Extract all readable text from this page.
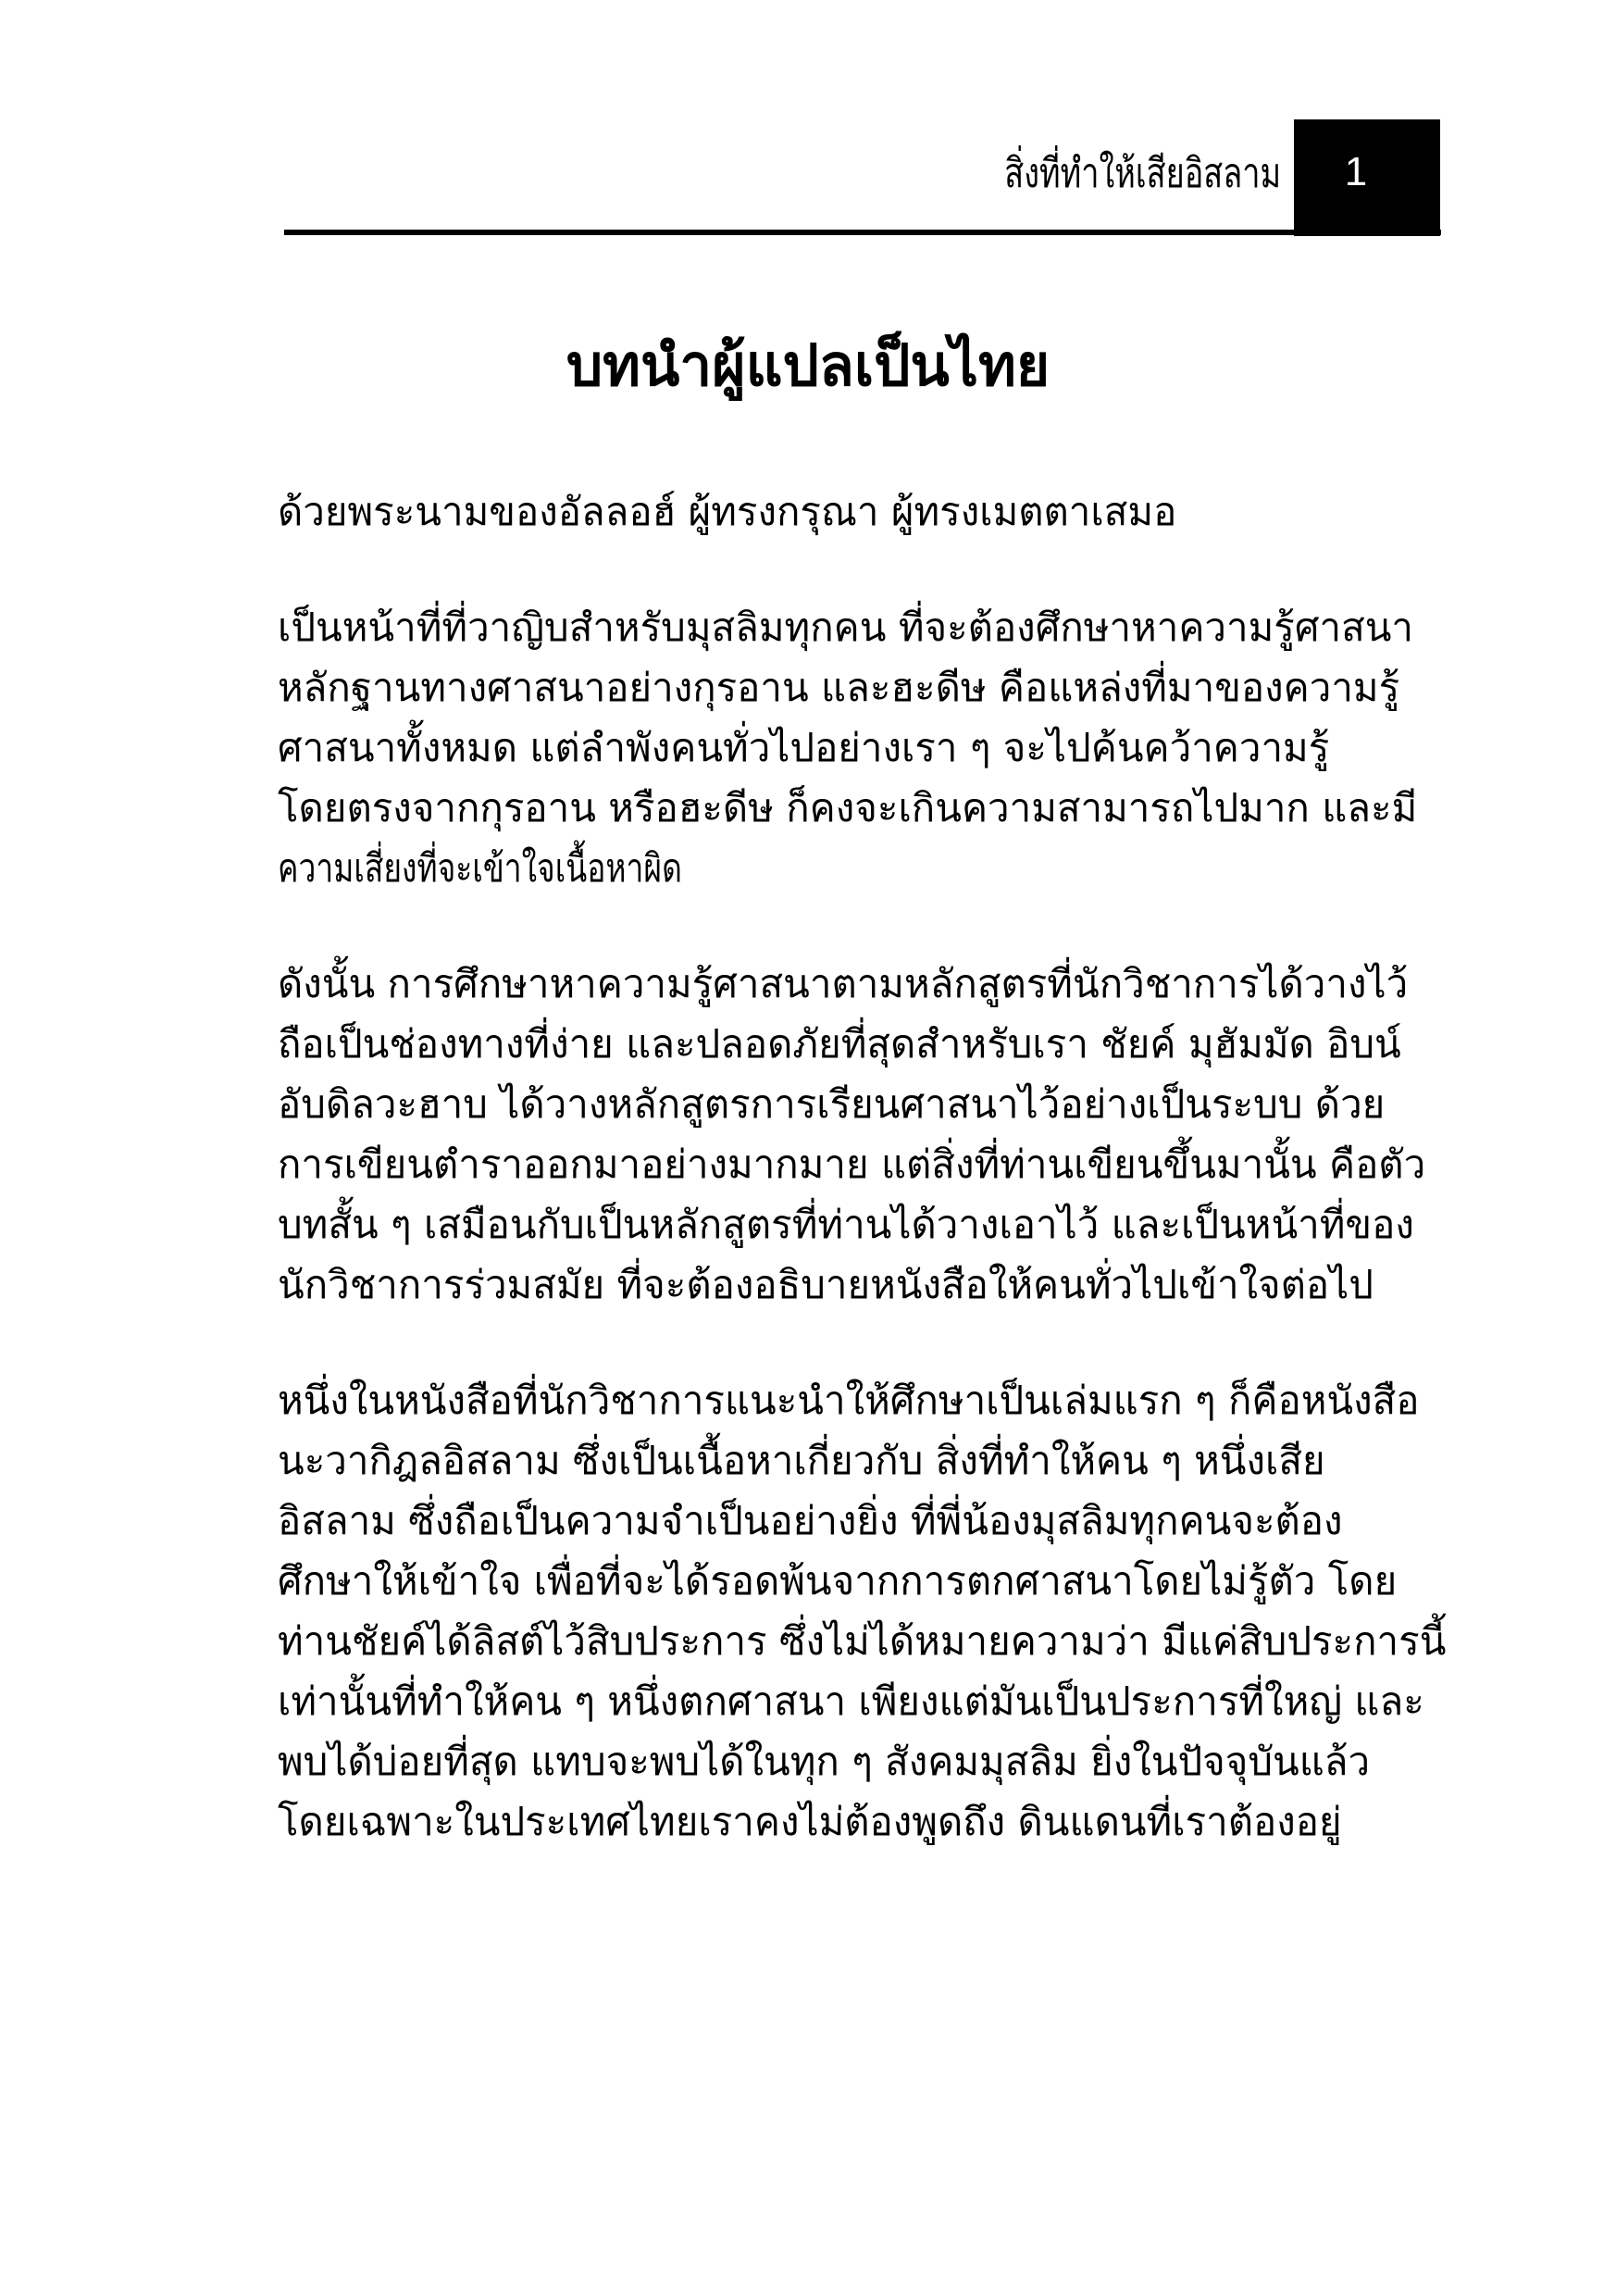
สิ่งที่ทำให้เสียอิสลาม 1
บทนำผู้แปลเป็นไทย

ด้วยพระนามของอัลลอฮ์ ผู้ทรงกรุณา ผู้ทรงเมตตาเสมอ

เป็นหน้าที่ที่วาญิบสำหรับมุสลิมทุกคน ที่จะต้องศึกษาหาความรู้ศาสนา
หลักฐานทางศาสนาอย่างกุรอาน และฮะดีษ คือแหล่งที่มาของความรู้
ศาสนาทั้งหมด แต่ลำพังคนทั่วไปอย่างเรา ๆ จะไปค้นคว้าความรู้
โดยตรงจากกุรอาน หรือฮะดีษ ก็คงจะเกินความสามารถไปมาก และมี
ความเสี่ยงที่จะเข้าใจเนื้อหาผิด

ดังนั้น การศึกษาหาความรู้ศาสนาตามหลักสูตรที่นักวิชาการได้วางไว้
ถือเป็นช่องทางที่ง่าย และปลอดภัยที่สุดสำหรับเรา ชัยค์ มุฮัมมัด อิบน์
อับดิลวะฮาบ ได้วางหลักสูตรการเรียนศาสนาไว้อย่างเป็นระบบ ด้วย
การเขียนตำราออกมาอย่างมากมาย แต่สิ่งที่ท่านเขียนขึ้นมานั้น คือตัว
บทสั้น ๆ เสมือนกับเป็นหลักสูตรที่ท่านได้วางเอาไว้ และเป็นหน้าที่ของ
นักวิชาการร่วมสมัย ที่จะต้องอธิบายหนังสือให้คนทั่วไปเข้าใจต่อไป

หนึ่งในหนังสือที่นักวิชาการแนะนำให้ศึกษาเป็นเล่มแรก ๆ ก็คือหนังสือ
นะวากิฎลอิสลาม ซึ่งเป็นเนื้อหาเกี่ยวกับ สิ่งที่ทำให้คน ๆ หนึ่งเสีย
อิสลาม ซึ่งถือเป็นความจำเป็นอย่างยิ่ง ที่พี่น้องมุสลิมทุกคนจะต้อง
ศึกษาให้เข้าใจ เพื่อที่จะได้รอดพ้นจากการตกศาสนาโดยไม่รู้ตัว โดย
ท่านชัยค์ได้ลิสต์ไว้สิบประการ ซึ่งไม่ได้หมายความว่า มีแค่สิบประการนี้
เท่านั้นที่ทำให้คน ๆ หนึ่งตกศาสนา เพียงแต่มันเป็นประการที่ใหญ่ และ
พบได้บ่อยที่สุด แทบจะพบได้ในทุก ๆ สังคมมุสลิม ยิ่งในปัจจุบันแล้ว
โดยเฉพาะในประเทศไทยเราคงไม่ต้องพูดถึง ดินแดนที่เราต้องอยู่
